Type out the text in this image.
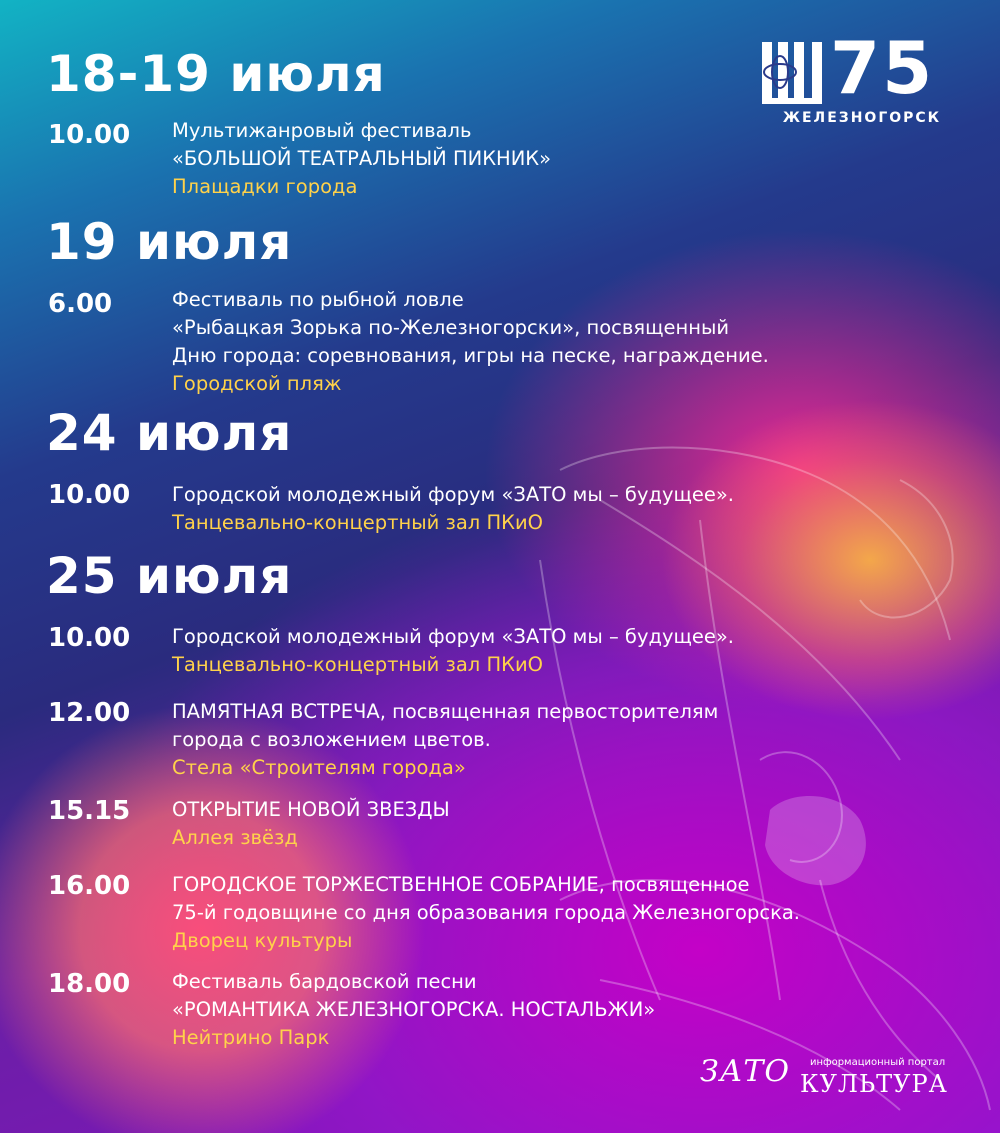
75
ЖЕЛЕЗНОГОРСК
18-19 июля
10.00 Мультижанровый фестиваль
«БОЛЬШОЙ ТЕАТРАЛЬНЫЙ ПИКНИК»
Плащадки города
19 июля
6.00	Фестиваль по рыбной ловле
«Рыбацкая Зорька по-Железногорски», посвященный
Дню города: соревнования, игры на песке, награждение.
Городской пляж
24 июля
10.00 Городской молодежный форум «ЗАТО мы – будущее».
Танцевально-концертный зал ПКиО
25 июля
10.00 Городской молодежный форум «ЗАТО мы – будущее».
Танцевально-концертный зал ПКиО
12.00 ПАМЯТНАЯ ВСТРЕЧА, посвященная первосторителям
города с возложением цветов.
Стела «Строителям города»
15.15 ОТКРЫТИЕ НОВОЙ ЗВЕЗДЫ
Аллея звёзд
16.00 ГОРОДСКОЕ ТОРЖЕСТВЕННОЕ СОБРАНИЕ, посвященное
75-й годовщине со дня образования города Железногорска.
Дворец культуры
18.00 Фестиваль бардовской песни
«РОМАНТИКА ЖЕЛЕЗНОГОРСКА. НОСТАЛЬЖИ»
Нейтрино Парк
ЗАТО информационный портал
КУЛЬТУРА
